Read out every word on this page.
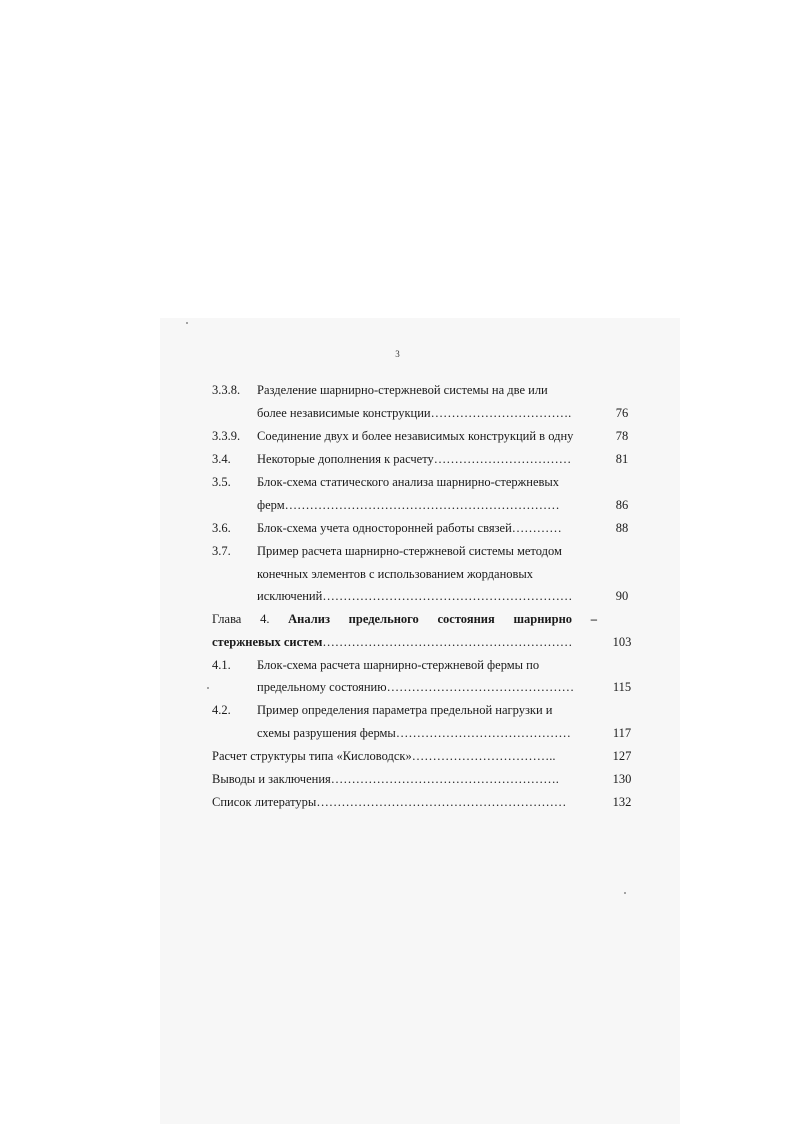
3
3.3.8. Разделение шарнирно-стержневой системы на две или
более независимые конструкции…………………………….	76
3.3.9. Соединение двух и более независимых конструкций в одну	78
3.4. Некоторые дополнения к расчету……………………………	81
3.5. Блок-схема статического анализа шарнирно-стержневых
ферм…………………………………………………………	86
3.6. Блок-схема учета односторонней работы связей…………	88
3.7. Пример расчета шарнирно-стержневой системы методом
конечных элементов с использованием жордановых
исключений……………………………………………………	90
Глава 4. Анализ предельного состояния шарнирно –
стержневых систем……………………………………………………	103
4.1. Блок-схема расчета шарнирно-стержневой фермы по
предельному состоянию………………………………………	115
4.2. Пример определения параметра предельной нагрузки и
схемы разрушения фермы……………………………………	117
Расчет структуры типа «Кисловодск»……………………………..	127
Выводы и заключения……………………………………………….	130
Список литературы……………………………………………………	132
